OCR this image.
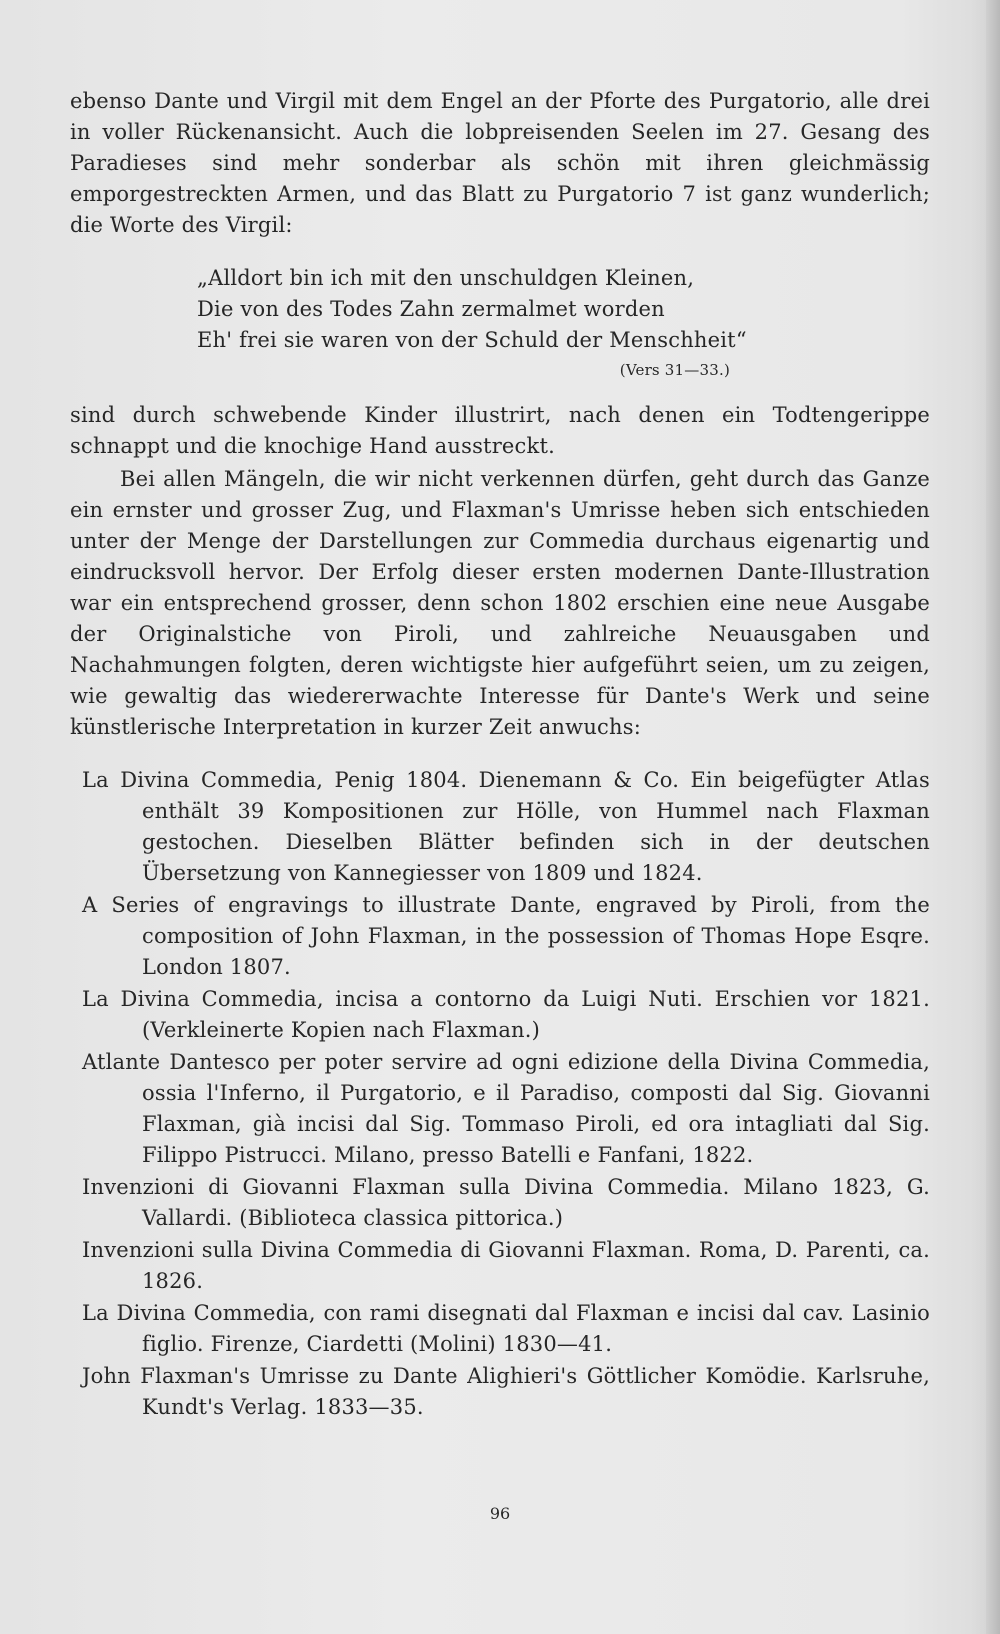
ebenso Dante und Virgil mit dem Engel an der Pforte des Purgatorio, alle drei in voller Rückenansicht. Auch die lobpreisenden Seelen im 27. Gesang des Paradieses sind mehr sonderbar als schön mit ihren gleichmässig emporgestreckten Armen, und das Blatt zu Purgatorio 7 ist ganz wunderlich; die Worte des Virgil:

„Alldort bin ich mit den unschuldgen Kleinen,
Die von des Todes Zahn zermalmet worden
Eh' frei sie waren von der Schuld der Menschheit“
(Vers 31—33.)

sind durch schwebende Kinder illustrirt, nach denen ein Todtengerippe schnappt und die knochige Hand ausstreckt.

Bei allen Mängeln, die wir nicht verkennen dürfen, geht durch das Ganze ein ernster und grosser Zug, und Flaxman's Umrisse heben sich entschieden unter der Menge der Darstellungen zur Commedia durchaus eigenartig und eindrucksvoll hervor. Der Erfolg dieser ersten modernen Dante-Illustration war ein entsprechend grosser, denn schon 1802 erschien eine neue Ausgabe der Originalstiche von Piroli, und zahlreiche Neuausgaben und Nachahmungen folgten, deren wichtigste hier aufgeführt seien, um zu zeigen, wie gewaltig das wiedererwachte Interesse für Dante's Werk und seine künstlerische Interpretation in kurzer Zeit anwuchs:

La Divina Commedia, Penig 1804. Dienemann & Co. Ein beigefügter Atlas enthält 39 Kompositionen zur Hölle, von Hummel nach Flaxman gestochen. Dieselben Blätter befinden sich in der deutschen Übersetzung von Kannegiesser von 1809 und 1824.

A Series of engravings to illustrate Dante, engraved by Piroli, from the composition of John Flaxman, in the possession of Thomas Hope Esqre. London 1807.

La Divina Commedia, incisa a contorno da Luigi Nuti. Erschien vor 1821. (Verkleinerte Kopien nach Flaxman.)

Atlante Dantesco per poter servire ad ogni edizione della Divina Commedia, ossia l'Inferno, il Purgatorio, e il Paradiso, composti dal Sig. Giovanni Flaxman, già incisi dal Sig. Tommaso Piroli, ed ora intagliati dal Sig. Filippo Pistrucci. Milano, presso Batelli e Fanfani, 1822.

Invenzioni di Giovanni Flaxman sulla Divina Commedia. Milano 1823, G. Vallardi. (Biblioteca classica pittorica.)

Invenzioni sulla Divina Commedia di Giovanni Flaxman. Roma, D. Parenti, ca. 1826.

La Divina Commedia, con rami disegnati dal Flaxman e incisi dal cav. Lasinio figlio. Firenze, Ciardetti (Molini) 1830—41.

John Flaxman's Umrisse zu Dante Alighieri's Göttlicher Komödie. Karlsruhe, Kundt's Verlag. 1833—35.

96
